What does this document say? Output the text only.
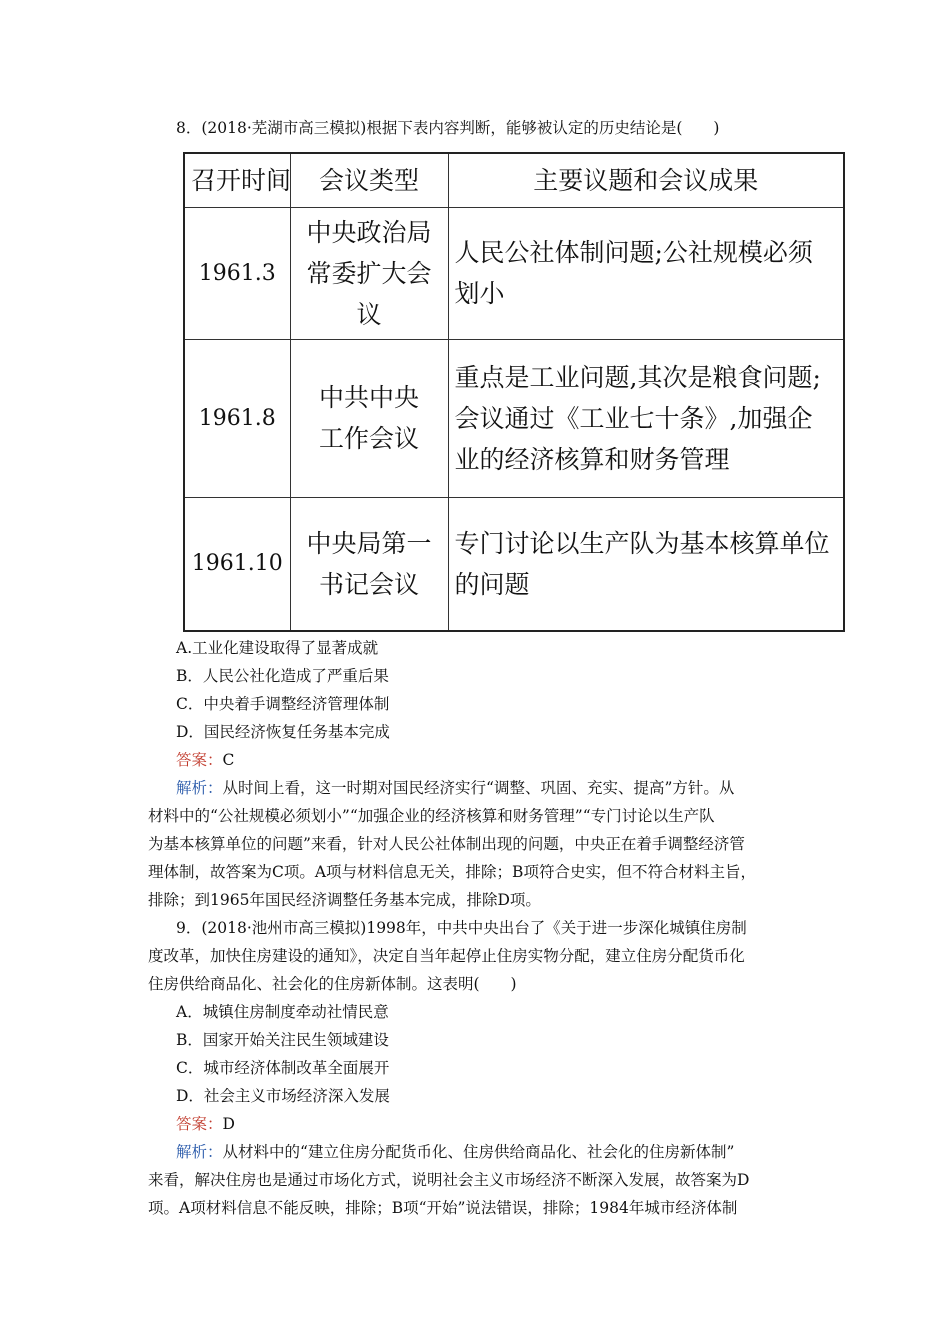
8．(2018·芜湖市高三模拟)根据下表内容判断，能够被认定的历史结论是(　　)
召开时间	会议类型	主要议题和会议成果
1961.3	中央政治局常委扩大会议	人民公社体制问题;公社规模必须划小
1961.8	中共中央工作会议	重点是工业问题,其次是粮食问题;会议通过《工业七十条》,加强企业的经济核算和财务管理
1961.10	中央局第一书记会议	专门讨论以生产队为基本核算单位的问题
A.工业化建设取得了显著成就
B．人民公社化造成了严重后果
C．中央着手调整经济管理体制
D．国民经济恢复任务基本完成
答案：C
解析：从时间上看，这一时期对国民经济实行“调整、巩固、充实、提高”方针。从
材料中的“公社规模必须划小”“加强企业的经济核算和财务管理”“专门讨论以生产队
为基本核算单位的问题”来看，针对人民公社体制出现的问题，中央正在着手调整经济管
理体制，故答案为C项。A项与材料信息无关，排除；B项符合史实，但不符合材料主旨，
排除；到1965年国民经济调整任务基本完成，排除D项。
9．(2018·池州市高三模拟)1998年，中共中央出台了《关于进一步深化城镇住房制
度改革，加快住房建设的通知》，决定自当年起停止住房实物分配，建立住房分配货币化
住房供给商品化、社会化的住房新体制。这表明(　　)
A．城镇住房制度牵动社情民意
B．国家开始关注民生领域建设
C．城市经济体制改革全面展开
D．社会主义市场经济深入发展
答案：D
解析：从材料中的“建立住房分配货币化、住房供给商品化、社会化的住房新体制”
来看，解决住房也是通过市场化方式，说明社会主义市场经济不断深入发展，故答案为D
项。A项材料信息不能反映，排除；B项“开始”说法错误，排除；1984年城市经济体制
